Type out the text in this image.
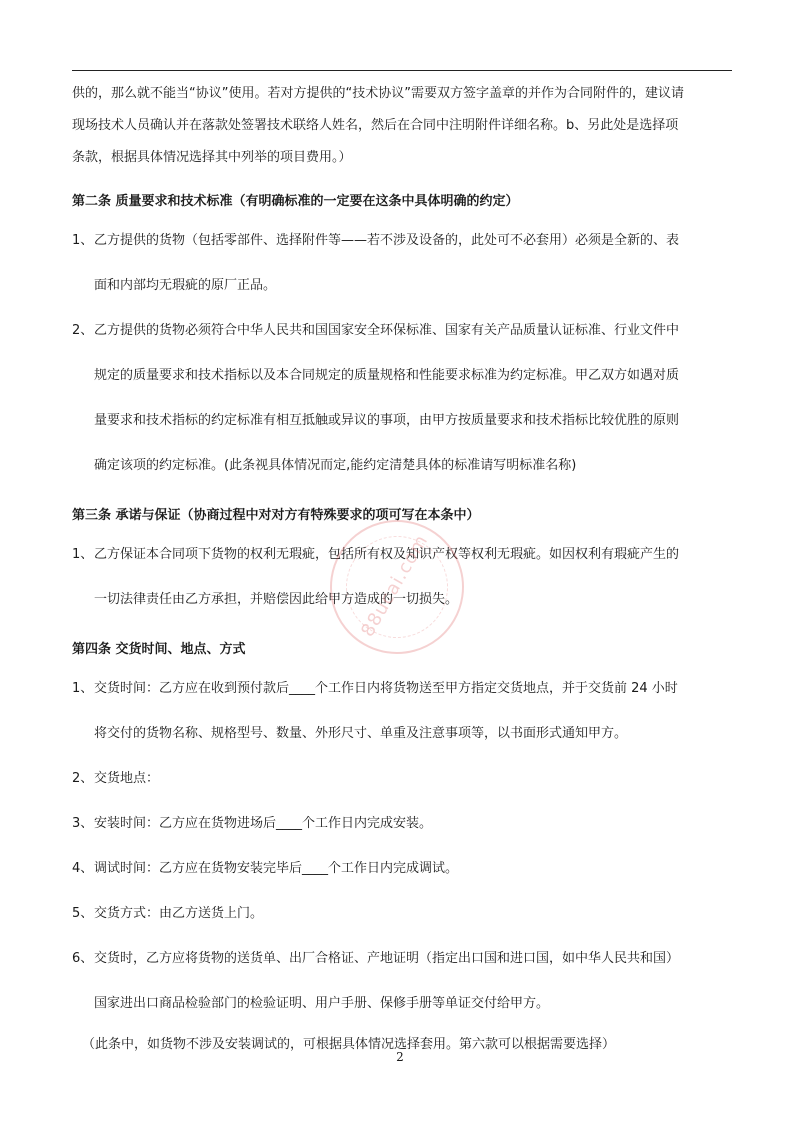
供的，那么就不能当“协议”使用。若对方提供的“技术协议”需要双方签字盖章的并作为合同附件的，建议请

现场技术人员确认并在落款处签署技术联络人姓名，然后在合同中注明附件详细名称。b、另此处是选择项

条款，根据具体情况选择其中列举的项目费用。）

第二条 质量要求和技术标准（有明确标准的一定要在这条中具体明确的约定）
1、 乙方提供的货物（包括零部件、选择附件等——若不涉及设备的，此处可不必套用）必须是全新的、表
面和内部均无瑕疵的原厂正品。
2、 乙方提供的货物必须符合中华人民共和国国家安全环保标准、国家有关产品质量认证标准、行业文件中
规定的质量要求和技术指标以及本合同规定的质量规格和性能要求标准为约定标准。甲乙双方如遇对质
量要求和技术指标的约定标准有相互抵触或异议的事项，由甲方按质量要求和技术指标比较优胜的原则
确定该项的约定标准。(此条视具体情况而定,能约定清楚具体的标准请写明标准名称)
第三条 承诺与保证（协商过程中对对方有特殊要求的项可写在本条中）
1、 乙方保证本合同项下货物的权利无瑕疵，包括所有权及知识产权等权利无瑕疵。如因权利有瑕疵产生的
一切法律责任由乙方承担，并赔偿因此给甲方造成的一切损失。
第四条 交货时间、地点、方式
1、 交货时间：乙方应在收到预付款后____个工作日内将货物送至甲方指定交货地点，并于交货前 24 小时
将交付的货物名称、规格型号、数量、外形尺寸、单重及注意事项等，以书面形式通知甲方。
2、 交货地点：
3、 安装时间：乙方应在货物进场后____个工作日内完成安装。
4、 调试时间：乙方应在货物安装完毕后____个工作日内完成调试。
5、 交货方式：由乙方送货上门。
6、 交货时，乙方应将货物的送货单、出厂合格证、产地证明（指定出口国和进口国，如中华人民共和国）
国家进出口商品检验部门的检验证明、用户手册、保修手册等单证交付给甲方。
（此条中，如货物不涉及安装调试的，可根据具体情况选择套用。第六款可以根据需要选择）
88ucai.com
2
